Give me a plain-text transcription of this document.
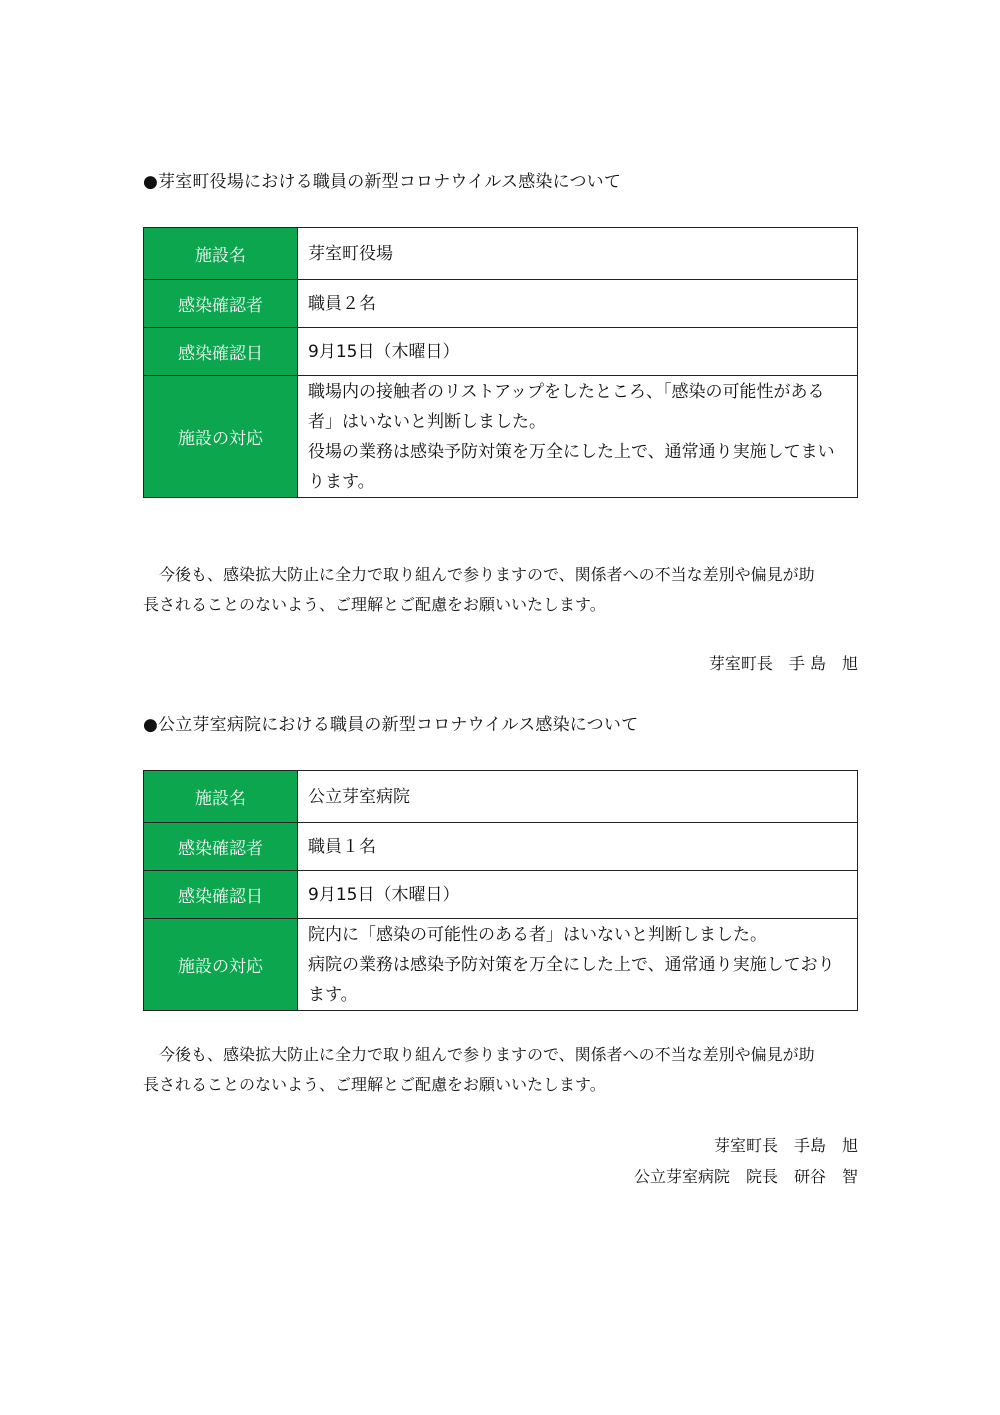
●芽室町役場における職員の新型コロナウイルス感染について
施設名	芽室町役場
感染確認者	職員２名
感染確認日	9月15日（木曜日）
施設の対応	職場内の接触者のリストアップをしたところ、「感染の可能性がある
者」はいないと判断しました。
役場の業務は感染予防対策を万全にした上で、通常通り実施してまい
ります。
　今後も、感染拡大防止に全力で取り組んで参りますので、関係者への不当な差別や偏見が助
長されることのないよう、ご理解とご配慮をお願いいたします。
芽室町長　手 島　旭
●公立芽室病院における職員の新型コロナウイルス感染について
施設名	公立芽室病院
感染確認者	職員１名
感染確認日	9月15日（木曜日）
施設の対応	院内に「感染の可能性のある者」はいないと判断しました。
病院の業務は感染予防対策を万全にした上で、通常通り実施しており
ます。
　今後も、感染拡大防止に全力で取り組んで参りますので、関係者への不当な差別や偏見が助
長されることのないよう、ご理解とご配慮をお願いいたします。
芽室町長　手島　旭
公立芽室病院　院長　研谷　智
